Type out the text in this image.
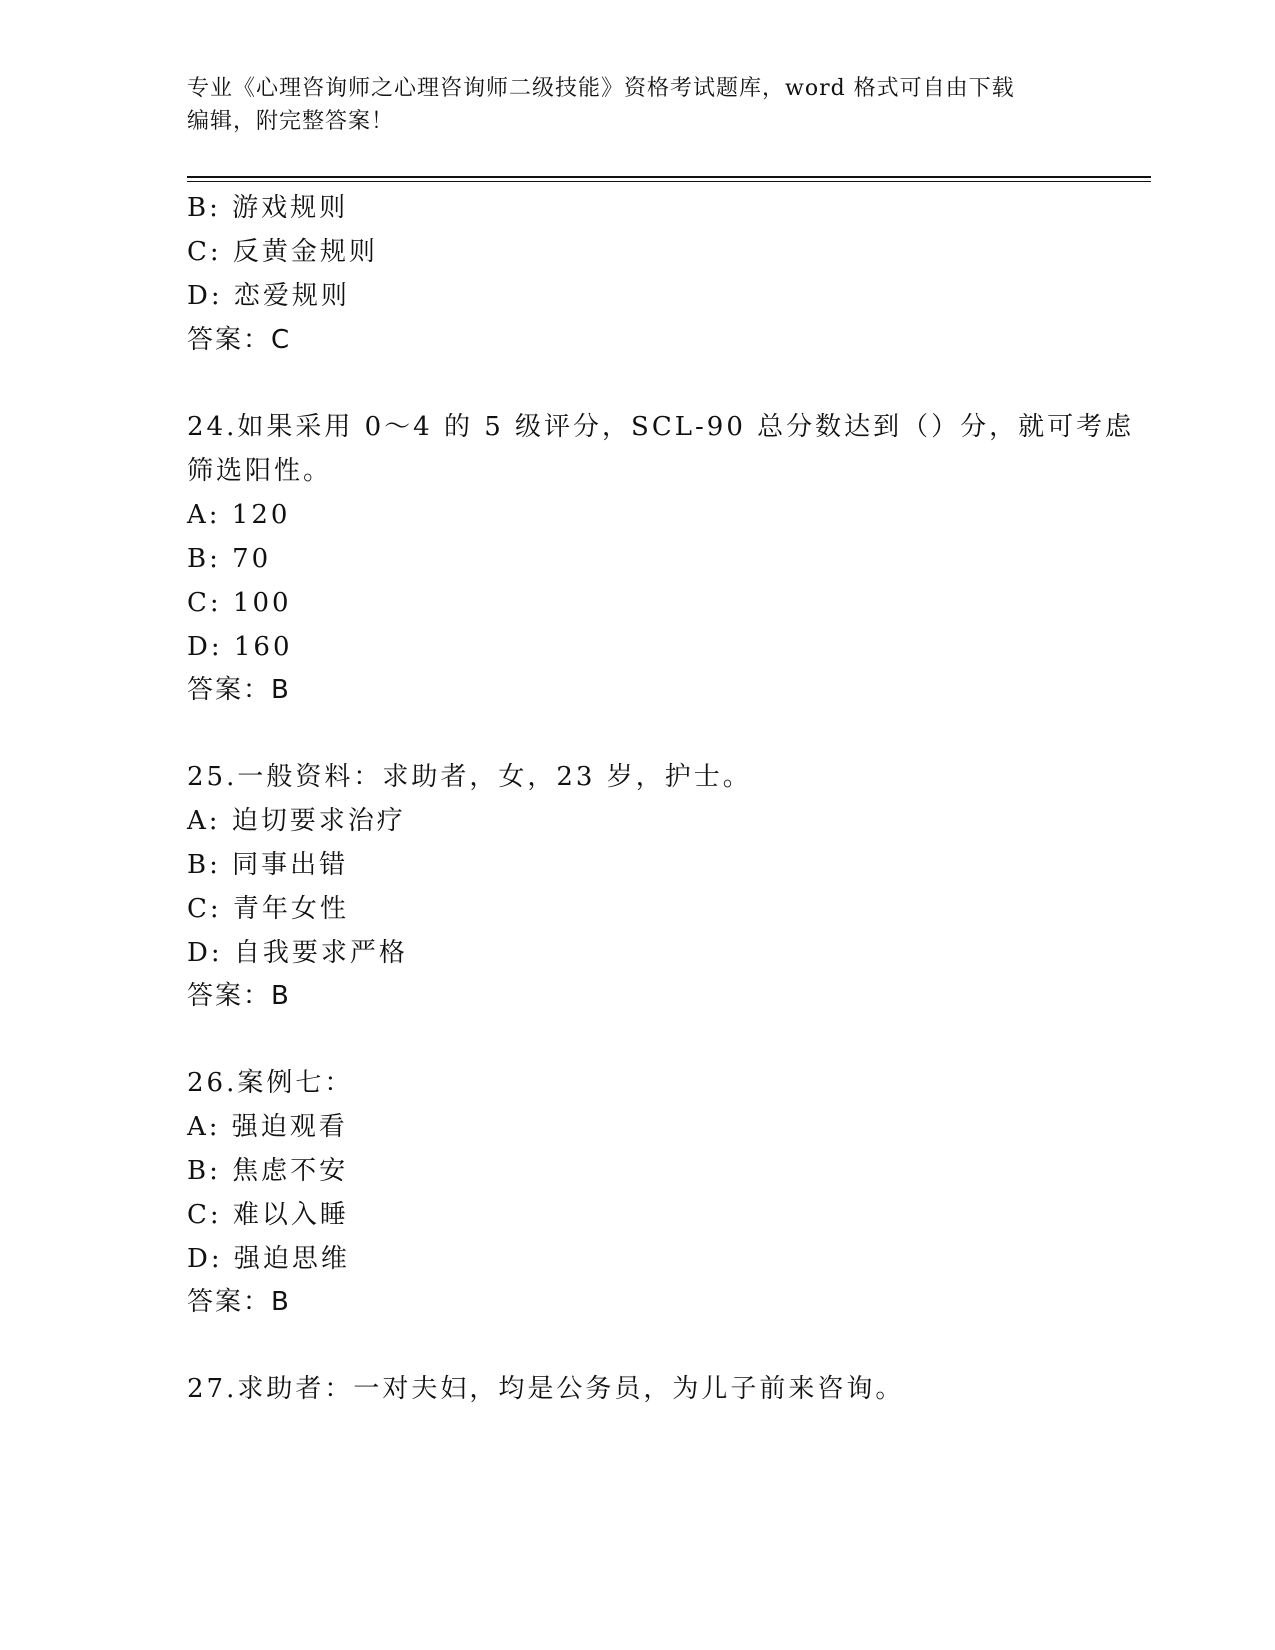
专业《心理咨询师之心理咨询师二级技能》资格考试题库，word 格式可自由下载
编辑，附完整答案！
B: 游戏规则
C: 反黄金规则
D: 恋爱规则
答案：C
24.如果采用 0～4 的 5 级评分，SCL-90 总分数达到（）分，就可考虑
筛选阳性。
A: 120
B: 70
C: 100
D: 160
答案：B
25.一般资料：求助者，女，23 岁，护士。
A: 迫切要求治疗
B: 同事出错
C: 青年女性
D: 自我要求严格
答案：B
26.案例七：
A: 强迫观看
B: 焦虑不安
C: 难以入睡
D: 强迫思维
答案：B
27.求助者：一对夫妇，均是公务员，为儿子前来咨询。
